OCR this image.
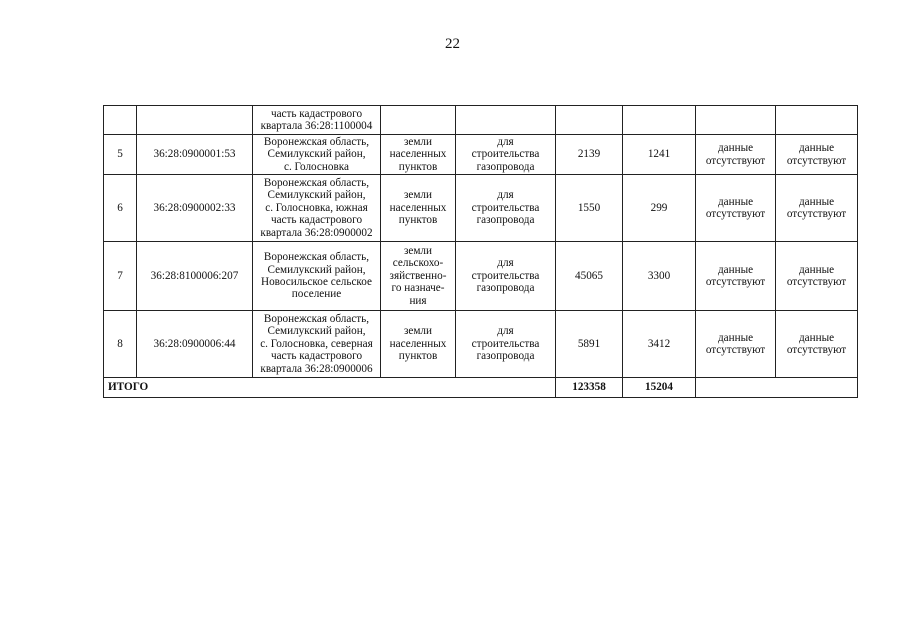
22
		часть кадастрового
квартала 36:28:1100004						
5	36:28:0900001:53	Воронежская область,
Семилукский район,
с. Голосновка	земли
населенных
пунктов	для
строительства
газопровода	2139	1241	данные
отсутствуют	данные
отсутствуют
6	36:28:0900002:33	Воронежская область,
Семилукский район,
с. Голосновка, южная
часть кадастрового
квартала 36:28:0900002	земли
населенных
пунктов	для
строительства
газопровода	1550	299	данные
отсутствуют	данные
отсутствуют
7	36:28:8100006:207	Воронежская область,
Семилукский район,
Новосильское сельское
поселение	земли
сельскохо-
зяйственно-
го назначе-
ния	для
строительства
газопровода	45065	3300	данные
отсутствуют	данные
отсутствуют
8	36:28:0900006:44	Воронежская область,
Семилукский район,
с. Голосновка, северная
часть кадастрового
квартала 36:28:0900006	земли
населенных
пунктов	для
строительства
газопровода	5891	3412	данные
отсутствуют	данные
отсутствуют
ИТОГО					123358	15204		
